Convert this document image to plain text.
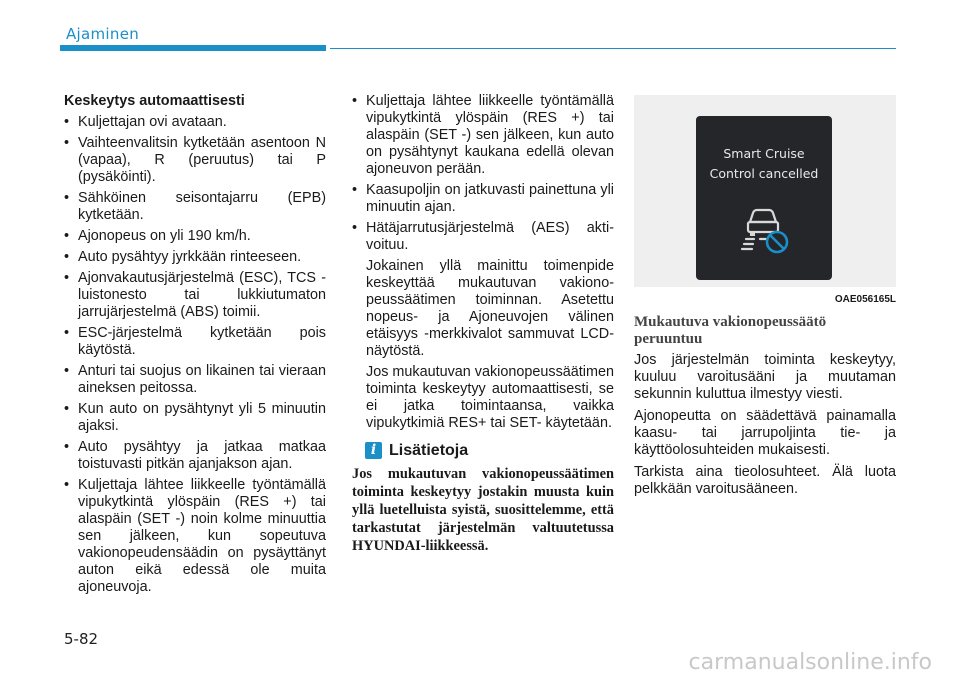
Ajaminen

Keskeytys automaattisesti

• Kuljettajan ovi avataan.
• Vaihteenvalitsin kytketään asentoon N (vapaa), R (peruutus) tai P (pysäköinti).
• Sähköinen seisontajarru (EPB) kytketään.
• Ajonopeus on yli 190 km/h.
• Auto pysähtyy jyrkkään rinteeseen.
• Ajonvakautusjärjestelmä (ESC), TCS -luistonesto tai lukkiutumaton jarrujärjestelmä (ABS) toimii.
• ESC-järjestelmä kytketään pois käytöstä.
• Anturi tai suojus on likainen tai vieraan aineksen peitossa.
• Kun auto on pysähtynyt yli 5 minuutin ajaksi.
• Auto pysähtyy ja jatkaa matkaa toistuvasti pitkän ajanjakson ajan.
• Kuljettaja lähtee liikkeelle työntämällä vipukytkintä ylöspäin (RES +) tai alaspäin (SET -) noin kolme minuuttia sen jälkeen, kun sopeutuva vakionopeudensäädin on pysäyttänyt auton eikä edessä ole muita ajoneuvoja.
• Kuljettaja lähtee liikkeelle työntämällä vipukytkintä ylöspäin (RES +) tai alaspäin (SET -) sen jälkeen, kun auto on pysähtynyt kaukana edellä olevan ajoneuvon perään.
• Kaasupoljin on jatkuvasti painettuna yli minuutin ajan.
• Hätäjarrutusjärjestelmä (AES) aktivoituu.

Jokainen yllä mainittu toimenpide keskeyttää mukautuvan vakionopeussäätimen toiminnan. Asetettu nopeus- ja Ajoneuvojen välinen etäisyys -merkkivalot sammuvat LCD-näytöstä.

Jos mukautuvan vakionopeussäätimen toiminta keskeytyy automaattisesti, se ei jatka toimintaansa, vaikka vipukytkimiä RES+ tai SET- käytetään.

i Lisätietoja

Jos mukautuvan vakionopeussäätimen toiminta keskeytyy jostakin muusta kuin yllä luetelluista syistä, suosittelemme, että tarkastutat järjestelmän valtuutetussa HYUNDAI-liikkeessä.

Smart Cruise
Control cancelled
OAE056165L

Mukautuva vakionopeussäätö peruuntuu

Jos järjestelmän toiminta keskeytyy, kuuluu varoitusääni ja muutaman sekunnin kuluttua ilmestyy viesti.

Ajonopeutta on säädettävä painamalla kaasu- tai jarrupoljinta tie- ja käyttöolosuhteiden mukaisesti.

Tarkista aina tieolosuhteet. Älä luota pelkkään varoitusääneen.

5-82
carmanualsonline.info
